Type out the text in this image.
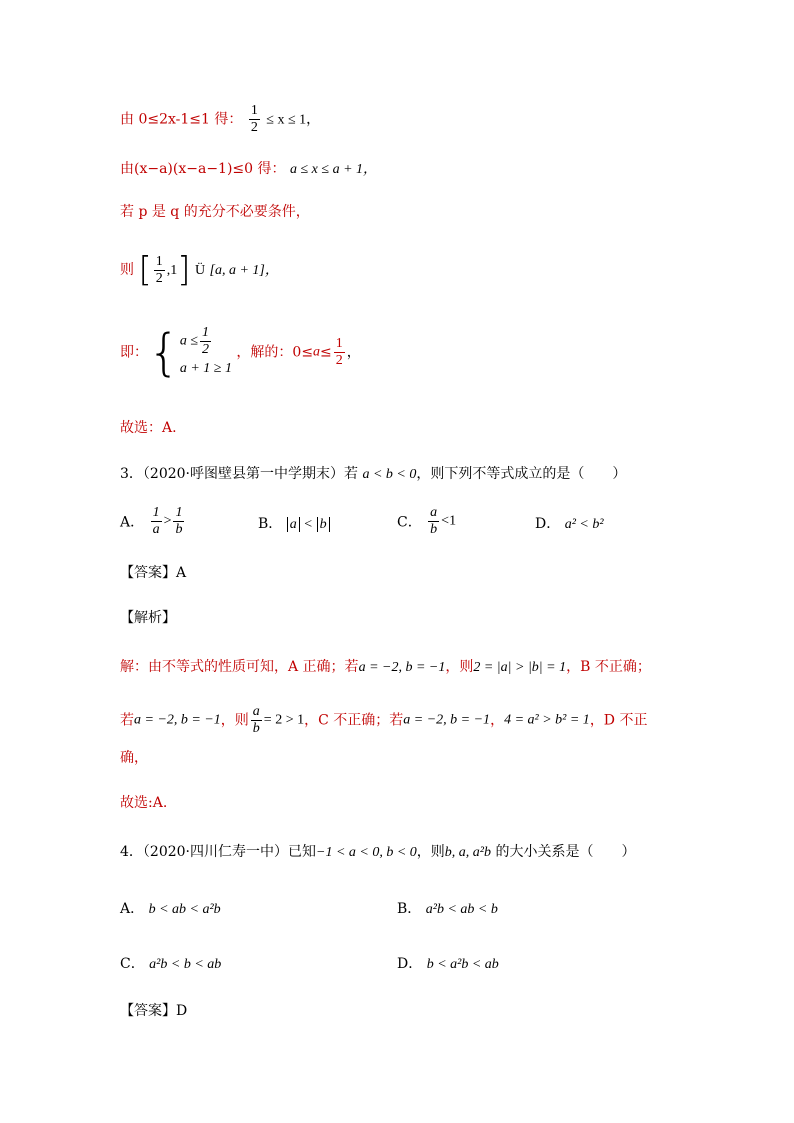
由 0≤2x-1≤1 得： $\frac{1}{2} \le x \le 1$，
由(x−a)(x−a−1)≤0 得： a ≤ x ≤ a + 1，
若 p 是 q 的充分不必要条件，
则 [ $\frac{1}{2} ,1$] Ü [a, a + 1]，
即：{ $a \le \frac{1}{2}$
a + 1 ≥ 1
，解的：$0\le a\le \frac{1}{2}$ ，
故选：A.
3．（2020·呼图壁县第一中学期末）若 a < b < 0，则下列不等式成立的是（　　）
A． $\frac{1}{a} > \frac{1}{b}$	B． a < b	C． $\frac{a}{b} <1$	D． a² < b²
【答案】A
【解析】
解：由不等式的性质可知，A 正确；若a = −2, b = −1，则2 = |a| > |b| = 1，B 不正确；
若a = −2, b = −1，则 $\frac{a}{b} = 2 > 1$，C 不正确；若a = −2, b = −1，4 = a² > b² = 1，D 不正
确，
故选:A.
4．（2020·四川仁寿一中）已知−1 < a < 0, b < 0，则b, a, a²b 的大小关系是（　　）
A． b < ab < a²b	B． a²b < ab < b
C． a²b < b < ab	D． b < a²b < ab
【答案】D
